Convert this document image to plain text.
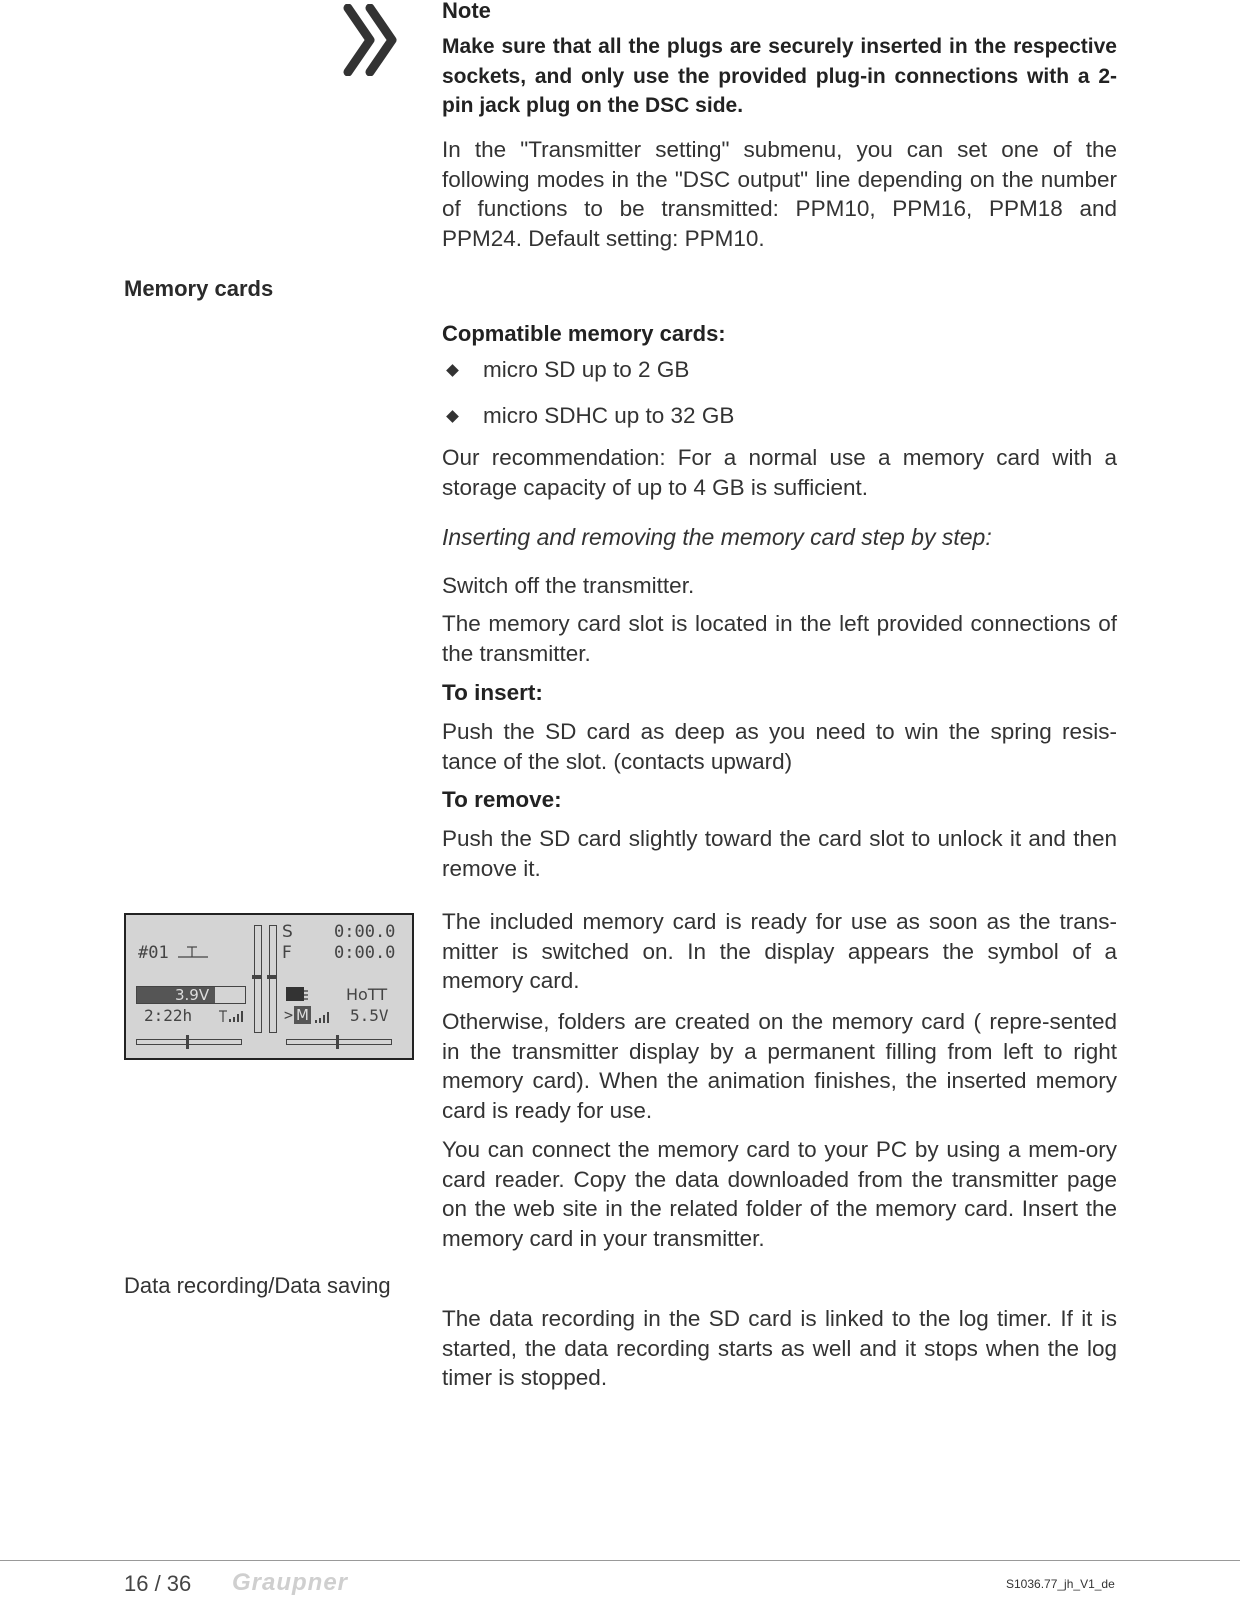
Note
Make sure that all the plugs are securely inserted in the respective sockets, and only use the provided plug-in connections with a 2-pin jack plug on the DSC side.

In the "Transmitter setting" submenu, you can set one of the following modes in the "DSC output" line depending on the number of functions to be transmitted: PPM10, PPM16, PPM18 and PPM24. Default setting: PPM10.

Memory cards
Copmatible memory cards:
micro SD up to 2 GB
micro SDHC up to 32 GB

Our recommendation: For a normal use a memory card with a storage capacity of up to 4 GB is sufficient.

Inserting and removing the memory card step by step:

Switch off the transmitter.

The memory card slot is located in the left provided connections of the transmitter.

To insert:

Push the SD card as deep as you need to win the spring resis-tance of the slot. (contacts upward)

To remove:

Push the SD card slightly toward the card slot to unlock it and then remove it.

#01
S 0:00.0
F 0:00.0
3.9V
2:22h
HoTT
> M	5.5V

The included memory card is ready for use as soon as the trans-mitter is switched on. In the display appears the symbol of a memory card.

Otherwise, folders are created on the memory card ( repre-sented in the transmitter display by a permanent filling from left to right memory card). When the animation finishes, the inserted memory card is ready for use.

You can connect the memory card to your PC by using a mem-ory card reader. Copy the data downloaded from the transmitter page on the web site in the related folder of the memory card. Insert the memory card in your transmitter.

Data recording/Data saving

The data recording in the SD card is linked to the log timer. If it is started, the data recording starts as well and it stops when the log timer is stopped.

16 / 36 Graupner	S1036.77_jh_V1_de
